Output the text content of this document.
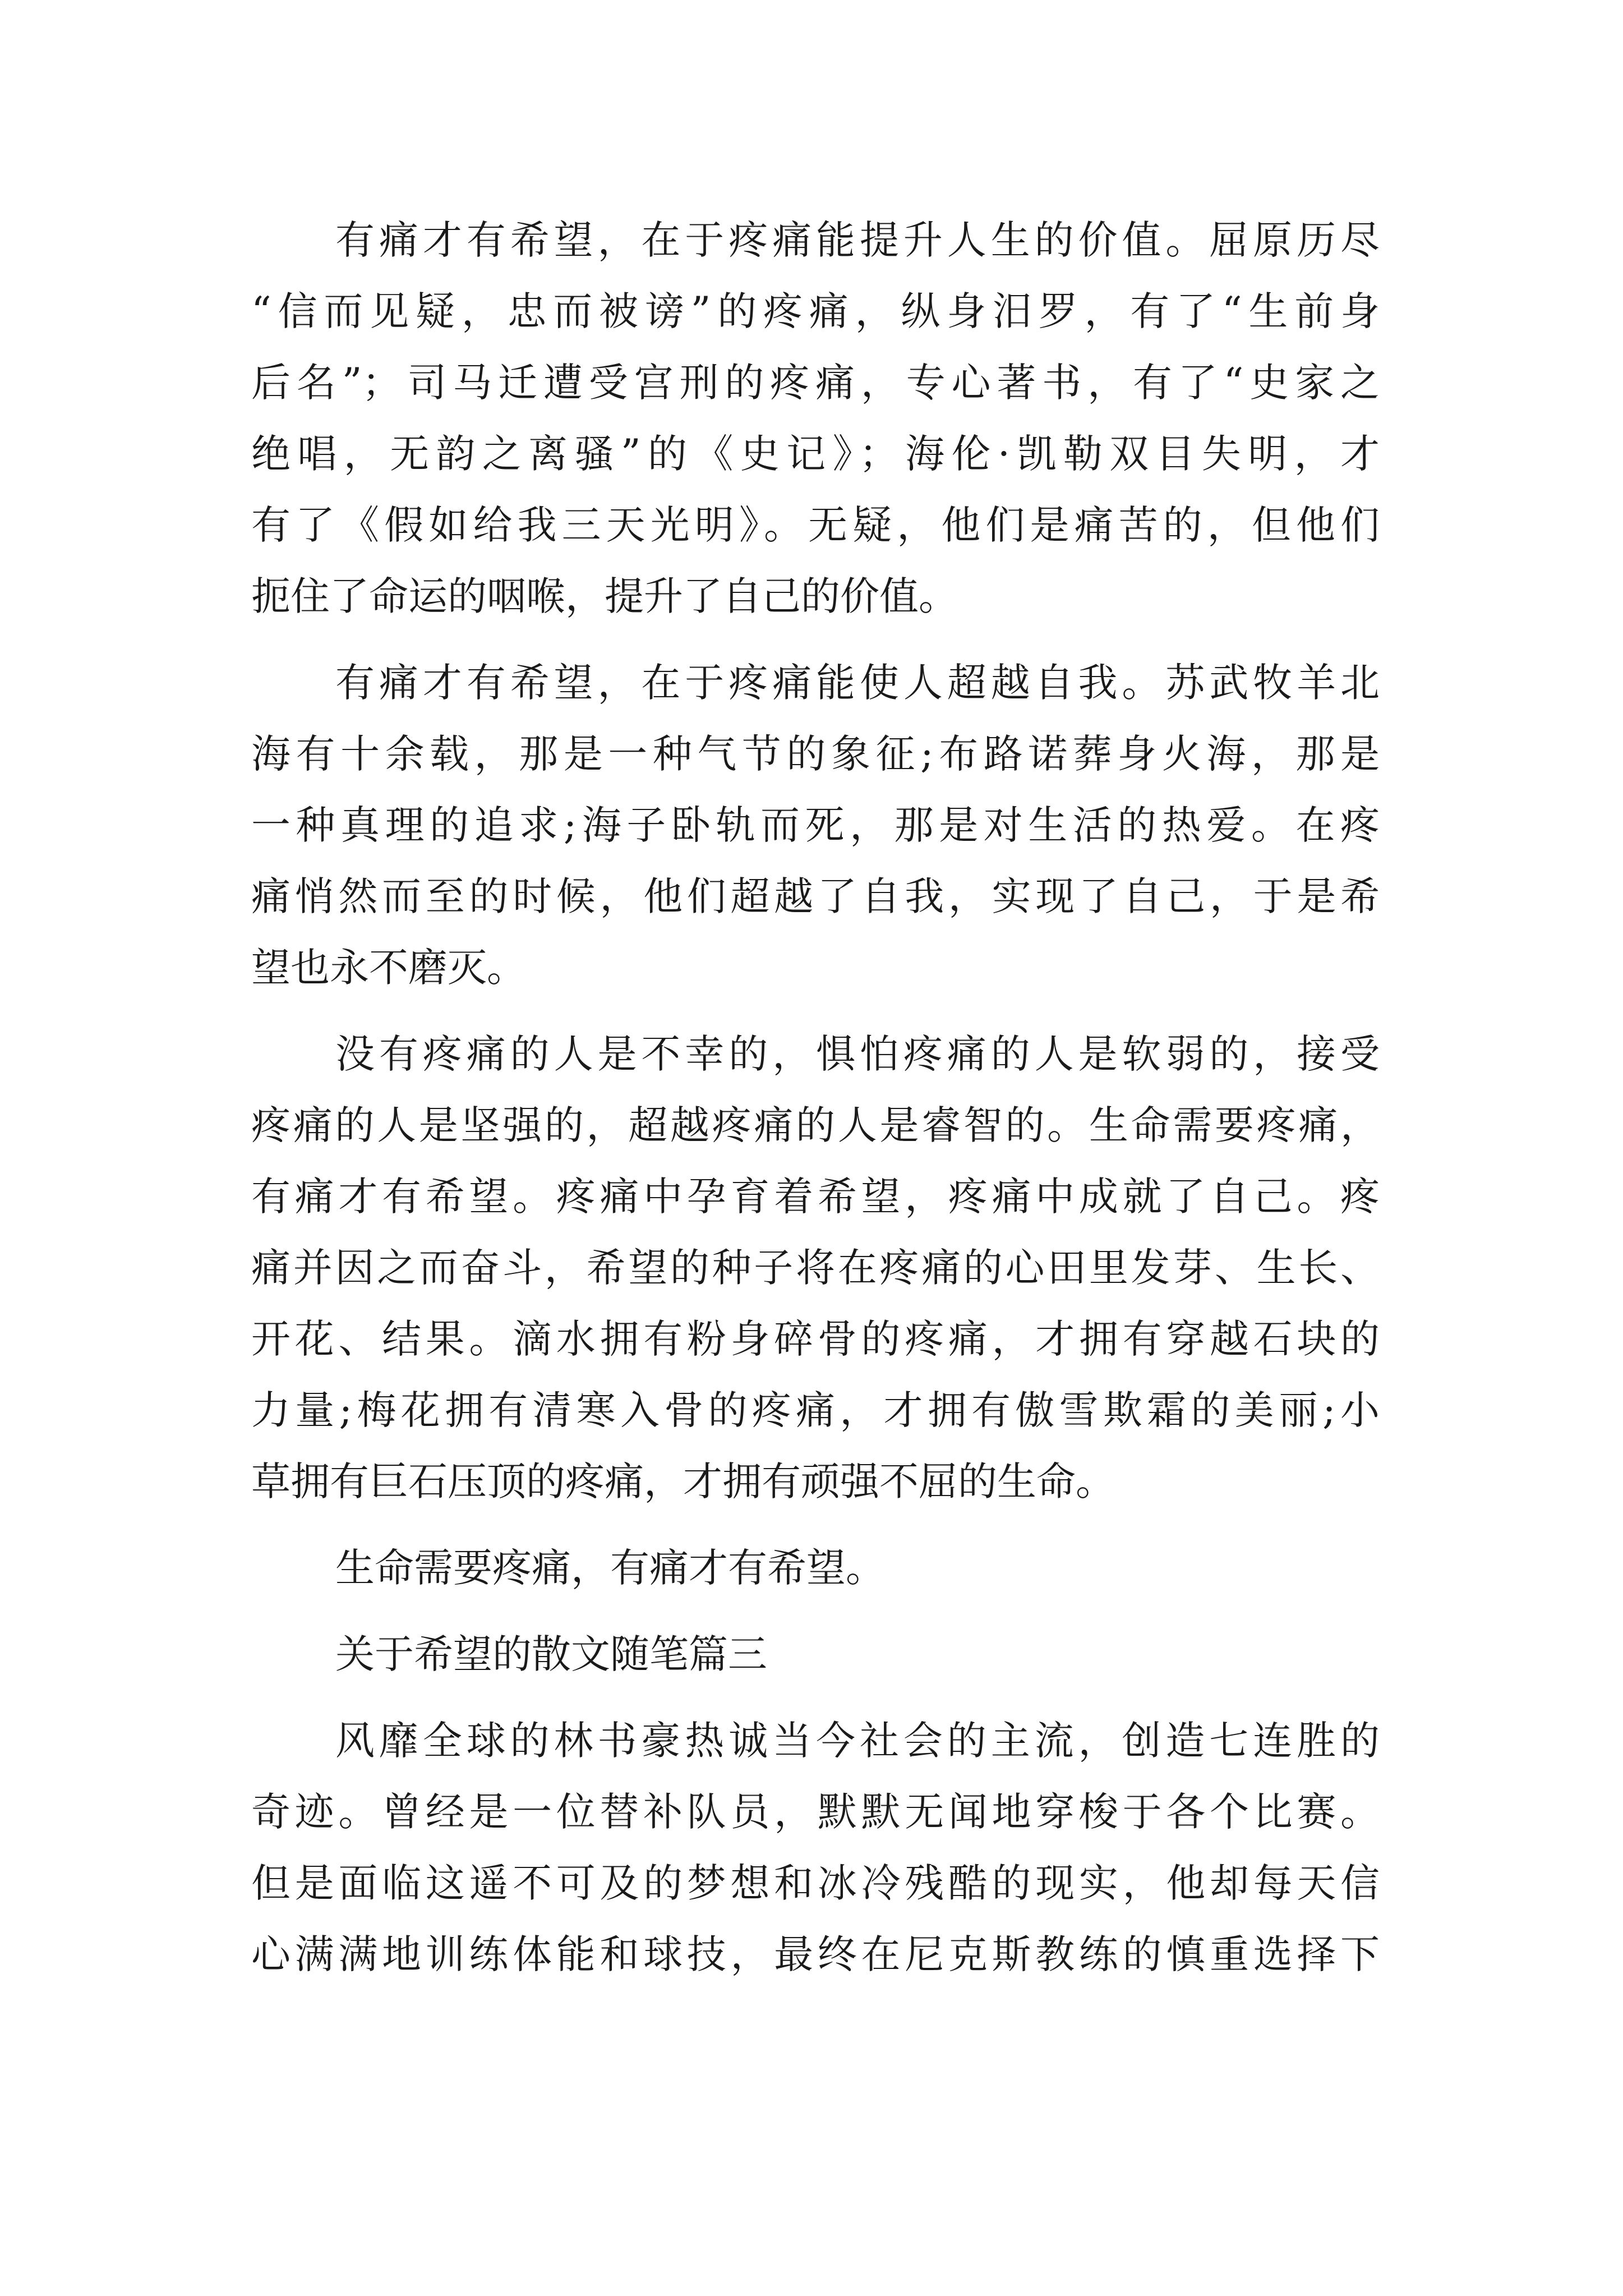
有痛才有希望，在于疼痛能提升人生的价值。屈原历尽
“信而见疑，忠而被谤”的疼痛，纵身汨罗，有了“生前身
后名”；司马迁遭受宫刑的疼痛，专心著书，有了“史家之
绝唱，无韵之离骚”的《史记》；海伦·凯勒双目失明，才
有了《假如给我三天光明》。无疑，他们是痛苦的，但他们
扼住了命运的咽喉，提升了自己的价值。
有痛才有希望，在于疼痛能使人超越自我。苏武牧羊北
海有十余载，那是一种气节的象征;布路诺葬身火海，那是
一种真理的追求;海子卧轨而死，那是对生活的热爱。在疼
痛悄然而至的时候，他们超越了自我，实现了自己，于是希
望也永不磨灭。
没有疼痛的人是不幸的，惧怕疼痛的人是软弱的，接受
疼痛的人是坚强的，超越疼痛的人是睿智的。生命需要疼痛，
有痛才有希望。疼痛中孕育着希望，疼痛中成就了自己。疼
痛并因之而奋斗，希望的种子将在疼痛的心田里发芽、生长、
开花、结果。滴水拥有粉身碎骨的疼痛，才拥有穿越石块的
力量;梅花拥有清寒入骨的疼痛，才拥有傲雪欺霜的美丽;小
草拥有巨石压顶的疼痛，才拥有顽强不屈的生命。
生命需要疼痛，有痛才有希望。
关于希望的散文随笔篇三
风靡全球的林书豪热诚当今社会的主流，创造七连胜的
奇迹。曾经是一位替补队员，默默无闻地穿梭于各个比赛。
但是面临这遥不可及的梦想和冰冷残酷的现实，他却每天信
心满满地训练体能和球技，最终在尼克斯教练的慎重选择下
